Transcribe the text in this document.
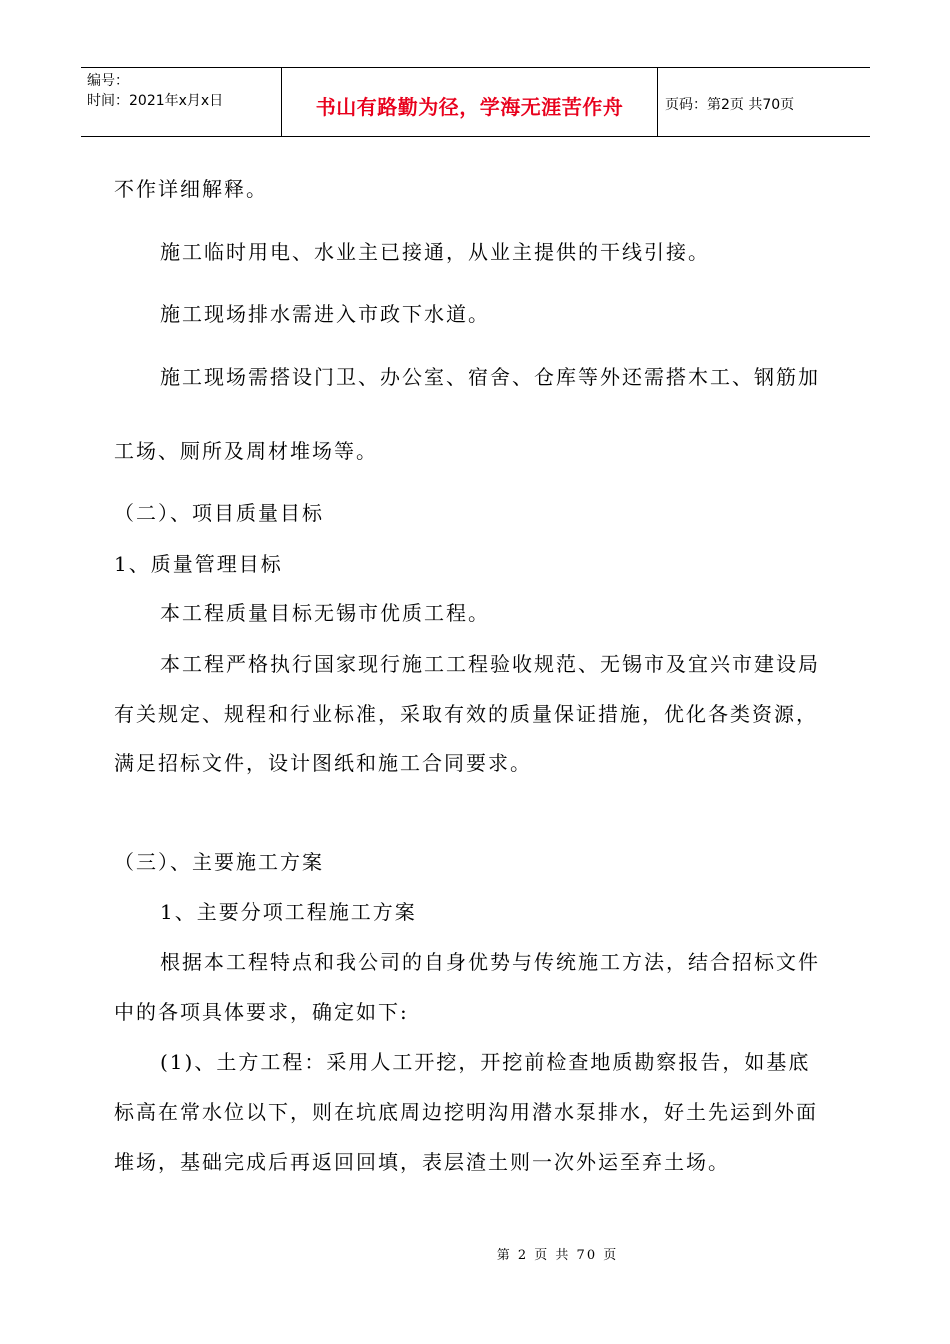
编号：
时间：2021年x月x日	书山有路勤为径，学海无涯苦作舟	页码：第2页 共70页
不作详细解释。
施工临时用电、水业主已接通，从业主提供的干线引接。
施工现场排水需进入市政下水道。
施工现场需搭设门卫、办公室、宿舍、仓库等外还需搭木工、钢筋加
工场、厕所及周材堆场等。
（二）、项目质量目标
1、质量管理目标
本工程质量目标无锡市优质工程。
本工程严格执行国家现行施工工程验收规范、无锡市及宜兴市建设局
有关规定、规程和行业标准，采取有效的质量保证措施，优化各类资源，
满足招标文件，设计图纸和施工合同要求。
（三）、主要施工方案
1、主要分项工程施工方案
根据本工程特点和我公司的自身优势与传统施工方法，结合招标文件
中的各项具体要求，确定如下:
(1)、土方工程：采用人工开挖，开挖前检查地质勘察报告，如基底
标高在常水位以下，则在坑底周边挖明沟用潜水泵排水，好土先运到外面
堆场，基础完成后再返回回填，表层渣土则一次外运至弃土场。
第 2 页 共 70 页
